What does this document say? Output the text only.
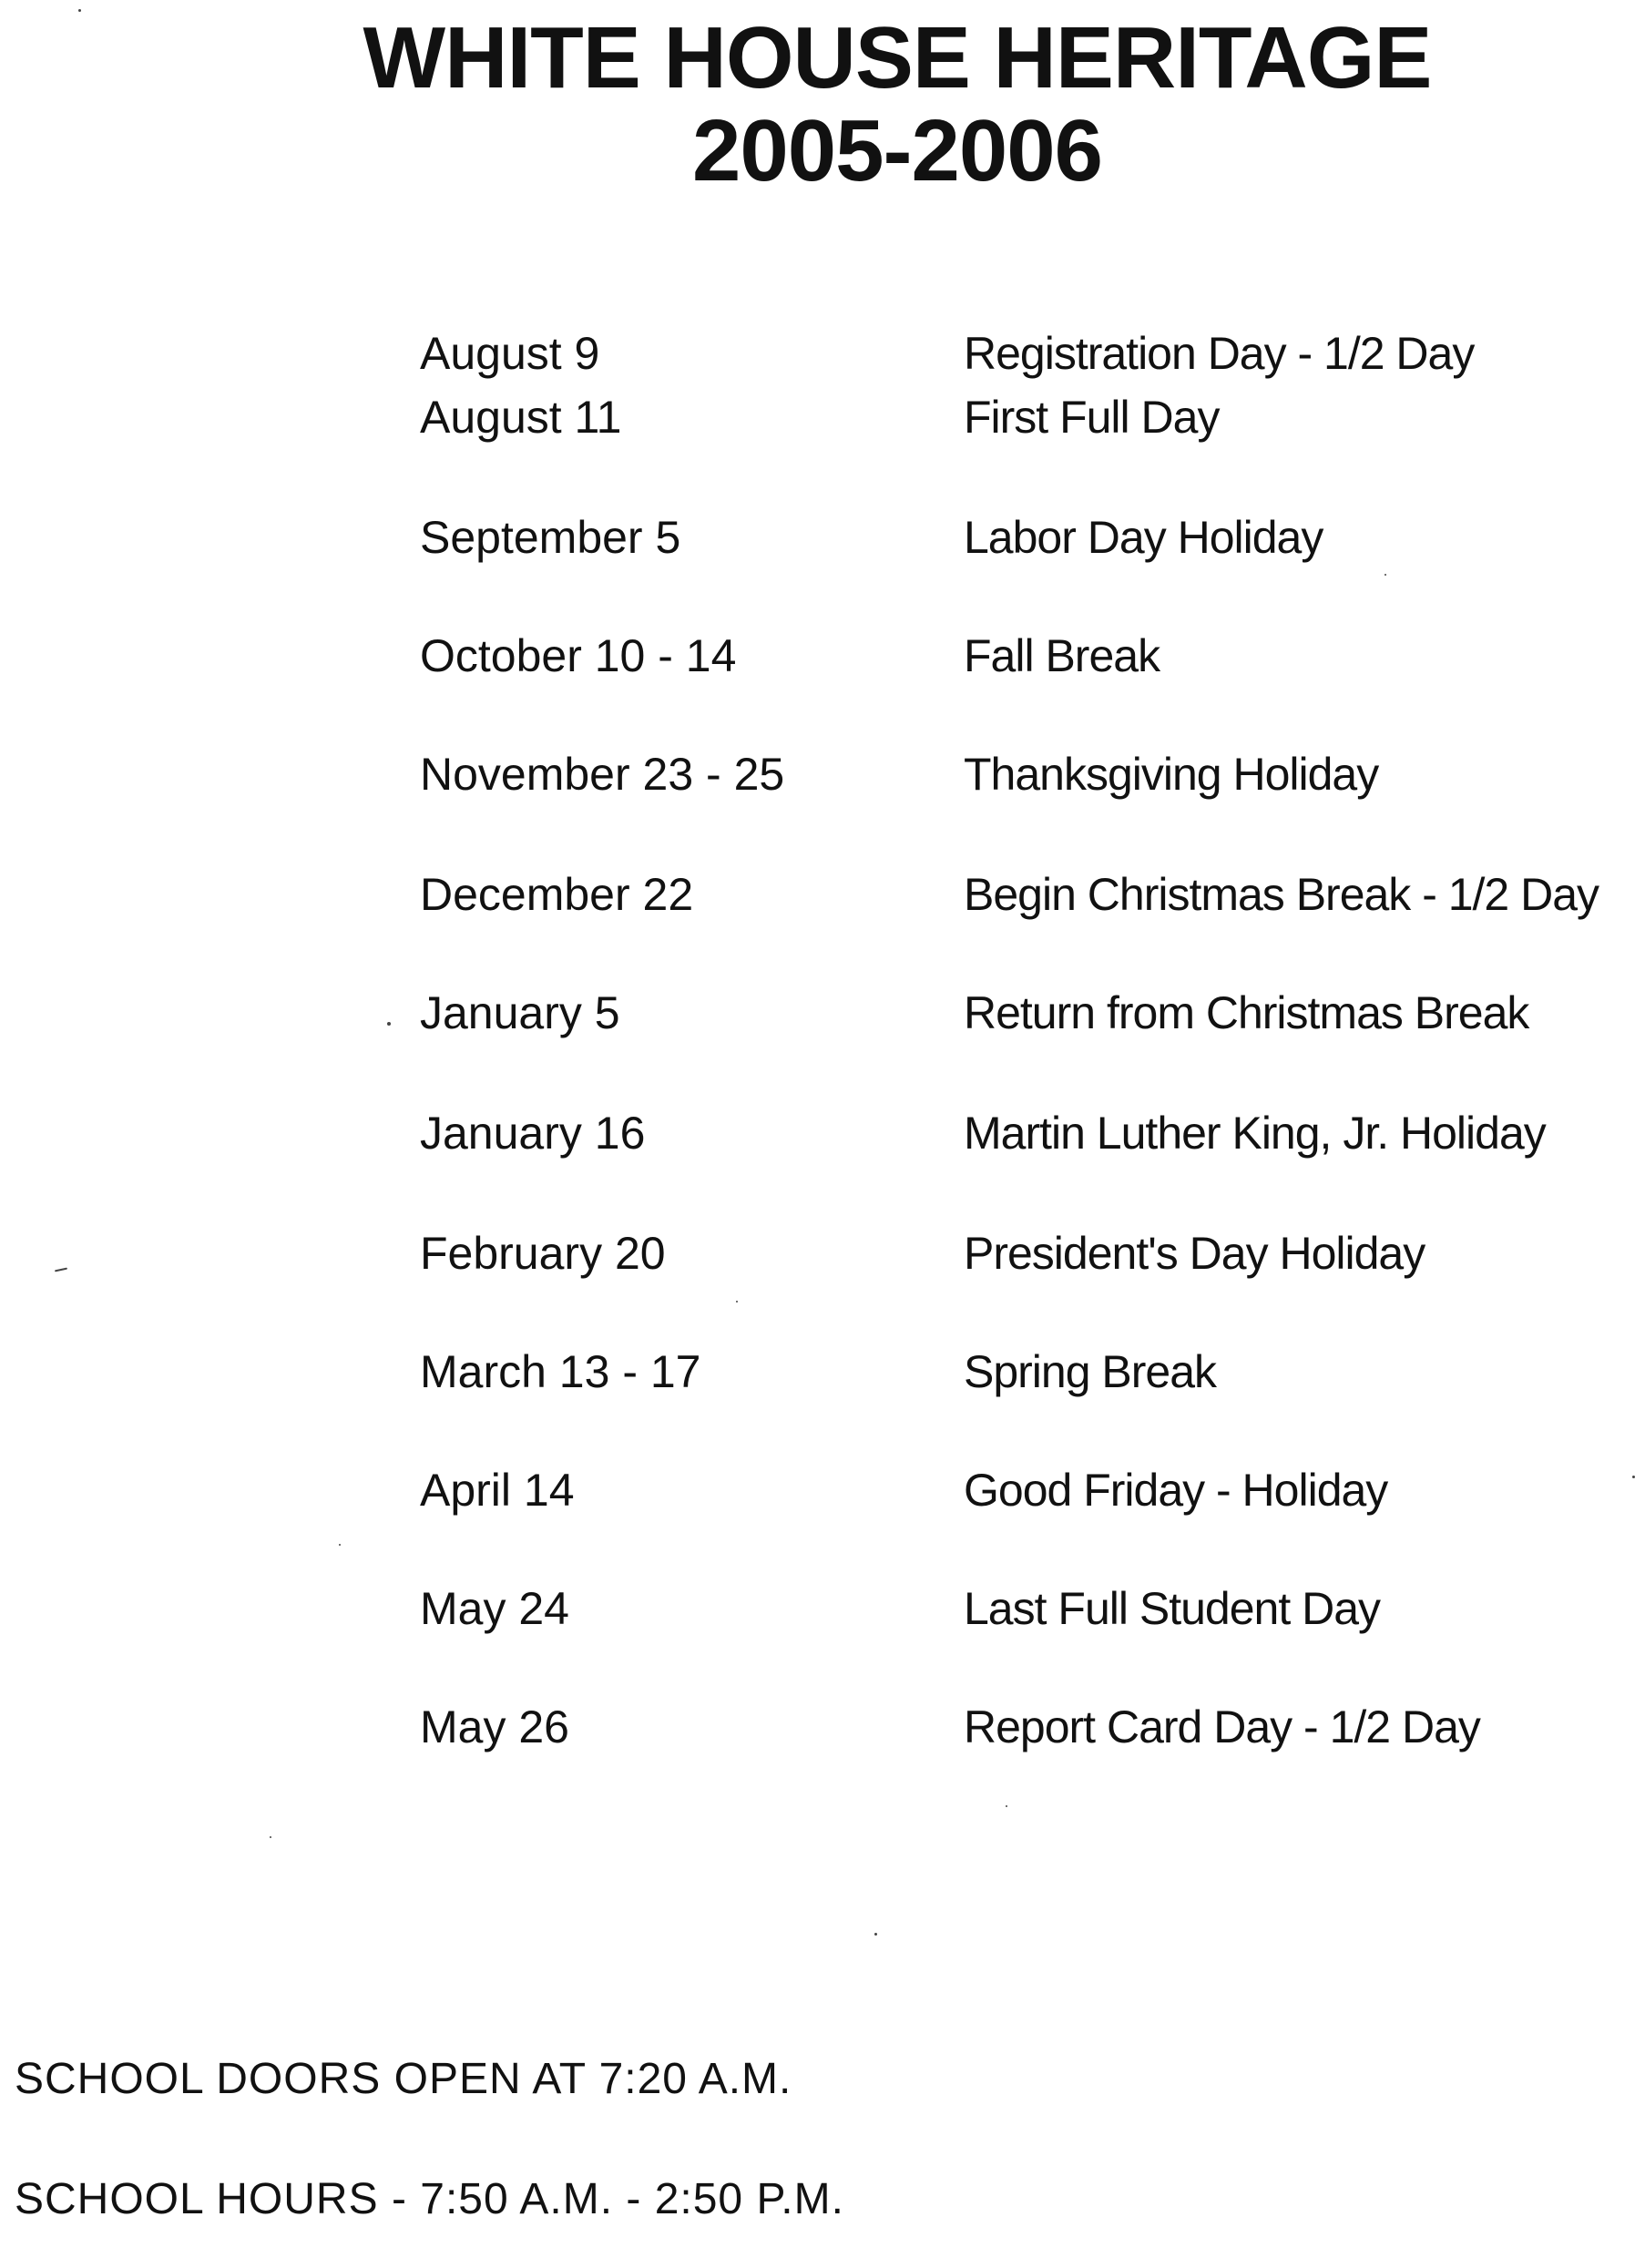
WHITE HOUSE HERITAGE
2005-2006
August 9	Registration Day - 1/2 Day
August 11	First Full Day
September 5	Labor Day Holiday
October 10 - 14	Fall Break
November 23 - 25	Thanksgiving Holiday
December 22	Begin Christmas Break - 1/2 Day
January 5	Return from Christmas Break
January 16	Martin Luther King, Jr. Holiday
February 20	President's Day Holiday
March 13 - 17	Spring Break
April 14	Good Friday - Holiday
May 24	Last Full Student Day
May 26	Report Card Day - 1/2 Day
SCHOOL DOORS OPEN AT 7:20 A.M.
SCHOOL HOURS - 7:50 A.M. - 2:50 P.M.
